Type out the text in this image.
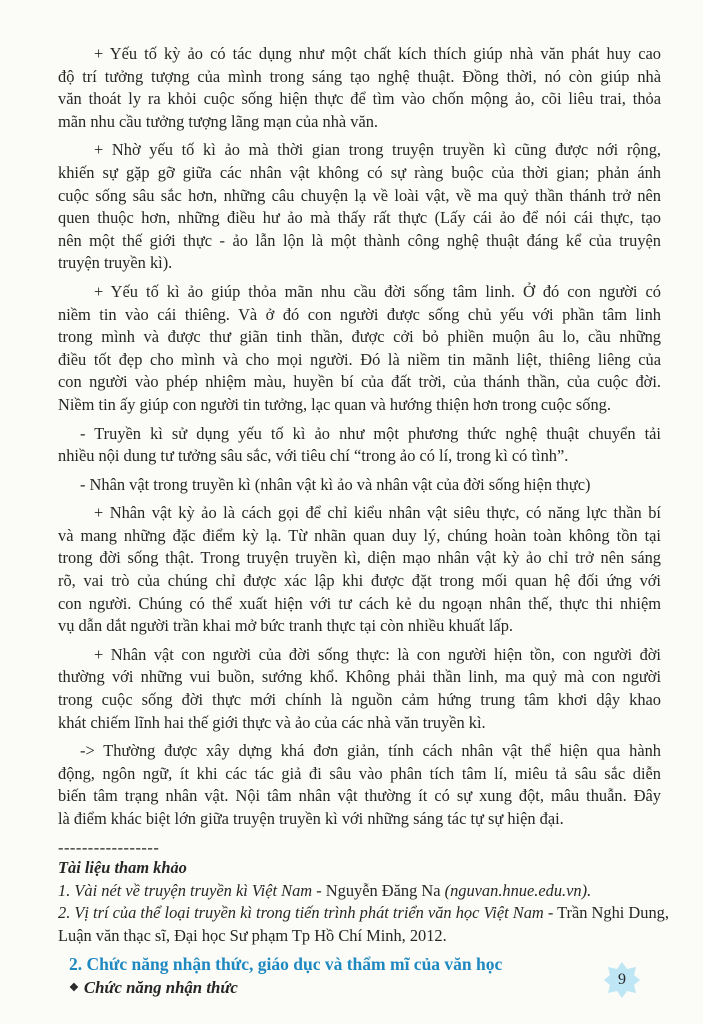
+ Yếu tố kỳ ảo có tác dụng như một chất kích thích giúp nhà văn phát huy cao
độ trí tưởng tượng của mình trong sáng tạo nghệ thuật. Đồng thời, nó còn giúp nhà
văn thoát ly ra khỏi cuộc sống hiện thực để tìm vào chốn mộng ảo, cõi liêu trai, thỏa
mãn nhu cầu tưởng tượng lãng mạn của nhà văn.
+ Nhờ yếu tố kì ảo mà thời gian trong truyện truyền kì cũng được nới rộng,
khiến sự gặp gỡ giữa các nhân vật không có sự ràng buộc của thời gian; phản ánh
cuộc sống sâu sắc hơn, những câu chuyện lạ về loài vật, về ma quỷ thần thánh trở nên
quen thuộc hơn, những điều hư ảo mà thấy rất thực (Lấy cái ảo để nói cái thực, tạo
nên một thế giới thực - ảo lẫn lộn là một thành công nghệ thuật đáng kể của truyện
truyện truyền kì).
+ Yếu tố kì ảo giúp thỏa mãn nhu cầu đời sống tâm linh. Ở đó con người có
niềm tin vào cái thiêng. Và ở đó con người được sống chủ yếu với phần tâm linh
trong mình và được thư giãn tinh thần, được cởi bỏ phiền muộn âu lo, cầu những
điều tốt đẹp cho mình và cho mọi người. Đó là niềm tin mãnh liệt, thiêng liêng của
con người vào phép nhiệm màu, huyền bí của đất trời, của thánh thần, của cuộc đời.
Niềm tin ấy giúp con người tin tưởng, lạc quan và hướng thiện hơn trong cuộc sống.
- Truyền kì sử dụng yếu tố kì ảo như một phương thức nghệ thuật chuyển tải
nhiều nội dung tư tưởng sâu sắc, với tiêu chí “trong ảo có lí, trong kì có tình”.
- Nhân vật trong truyền kì (nhân vật kì ảo và nhân vật của đời sống hiện thực)
+ Nhân vật kỳ ảo là cách gọi để chỉ kiểu nhân vật siêu thực, có năng lực thần bí
và mang những đặc điểm kỳ lạ. Từ nhãn quan duy lý, chúng hoàn toàn không tồn tại
trong đời sống thật. Trong truyện truyền kì, diện mạo nhân vật kỳ ảo chỉ trở nên sáng
rõ, vai trò của chúng chỉ được xác lập khi được đặt trong mối quan hệ đối ứng với
con người. Chúng có thể xuất hiện với tư cách kẻ du ngoạn nhân thế, thực thi nhiệm
vụ dẫn dắt người trần khai mở bức tranh thực tại còn nhiều khuất lấp.
+ Nhân vật con người của đời sống thực: là con người hiện tồn, con người đời
thường với những vui buồn, sướng khổ. Không phải thần linh, ma quỷ mà con người
trong cuộc sống đời thực mới chính là nguồn cảm hứng trung tâm khơi dậy khao
khát chiếm lĩnh hai thế giới thực và ảo của các nhà văn truyền kì.
-> Thường được xây dựng khá đơn giản, tính cách nhân vật thể hiện qua hành
động, ngôn ngữ, ít khi các tác giả đi sâu vào phân tích tâm lí, miêu tả sâu sắc diễn
biến tâm trạng nhân vật. Nội tâm nhân vật thường ít có sự xung đột, mâu thuẫn. Đây
là điểm khác biệt lớn giữa truyện truyền kì với những sáng tác tự sự hiện đại.
-----------------
Tài liệu tham khảo
1. Vài nét về truyện truyền kì Việt Nam - Nguyễn Đăng Na (nguvan.hnue.edu.vn).
2. Vị trí của thể loại truyền kì trong tiến trình phát triển văn học Việt Nam - Trần Nghi Dung,
Luận văn thạc sĩ, Đại học Sư phạm Tp Hồ Chí Minh, 2012.
2. Chức năng nhận thức, giáo dục và thẩm mĩ của văn học
❖ Chức năng nhận thức	9
